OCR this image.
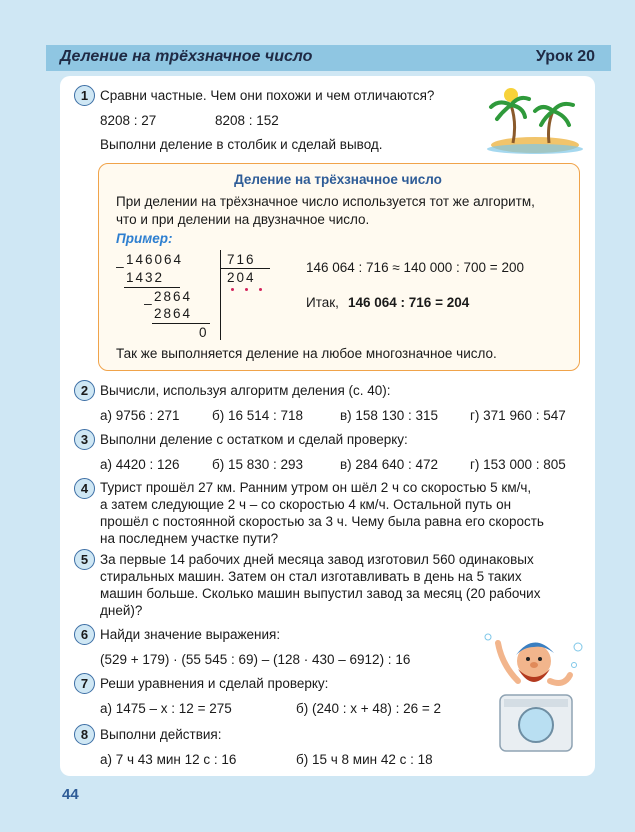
Деление на трёхзначное число	Урок 20
1 Сравни частные. Чем они похожи и чем отличаются?
8208 : 27	8208 : 152
Выполни деление в столбик и сделай вывод.
Деление на трёхзначное число
При делении на трёхзначное число используется тот же алгоритм,
что и при делении на двузначное число.
Пример:
– 146064	716
204
1432
– 2864
2864
0
146 064 : 716 ≈ 140 000 : 700 = 200
Итак, 146 064 : 716 = 204
Так же выполняется деление на любое многозначное число.
2 Вычисли, используя алгоритм деления (с. 40):
а) 9756 : 271 б) 16 514 : 718	в) 158 130 : 315 г) 371 960 : 547
3 Выполни деление с остатком и сделай проверку:
а) 4420 : 126 б) 15 830 : 293	в) 284 640 : 472 г) 153 000 : 805
4 Турист прошёл 27 км. Ранним утром он шёл 2 ч со скоростью 5 км/ч,
а затем следующие 2 ч – со скоростью 4 км/ч. Остальной путь он
прошёл с постоянной скоростью за 3 ч. Чему была равна его скорость
на последнем участке пути?
5 За первые 14 рабочих дней месяца завод изготовил 560 одинаковых
стиральных машин. Затем он стал изготавливать в день на 5 таких
машин больше. Сколько машин выпустил завод за месяц (20 рабочих
дней)?
6 Найди значение выражения:
(529 + 179) · (55 545 : 69) – (128 · 430 – 6912) : 16
7 Реши уравнения и сделай проверку:
а) 1475 – x : 12 = 275	б) (240 : x + 48) : 26 = 2
8 Выполни действия:
а) 7 ч 43 мин 12 с : 16	б) 15 ч 8 мин 42 с : 18
44
